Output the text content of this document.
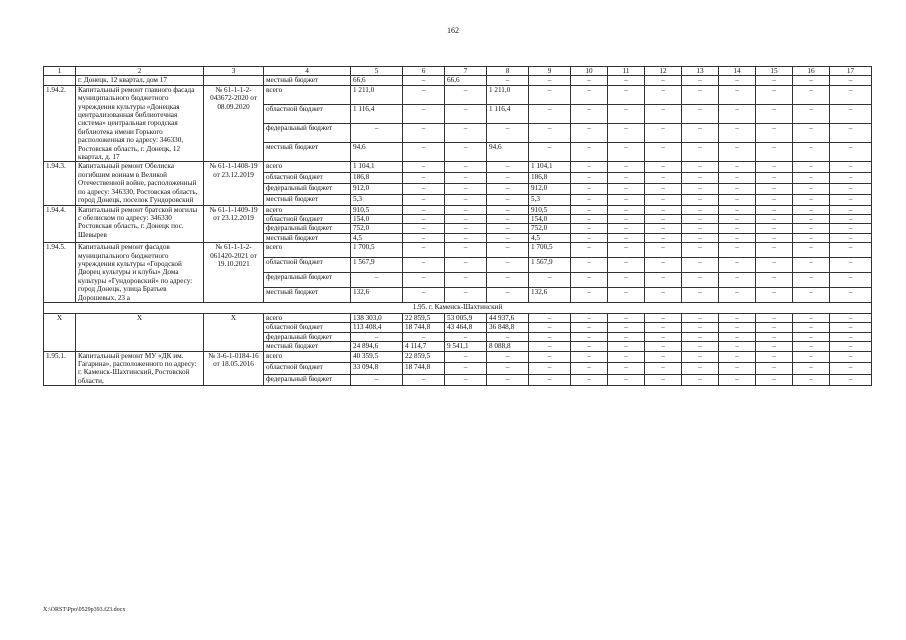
162
1	2	3	4	5	6	7	8	9	10	11	12	13	14	15	16	17
	г. Донецк, 12 квартал, дом 17		местный бюджет	66,6	–	66,6	–	–	–	–	–	–	–	–	–	–
1.94.2.	Капитальный ремонт главного фасада муниципального бюджетного учреждения культуры «Донецкая централизованная библиотечная система» центральная городская библиотека имени Горького расположенная по адресу: 346330, Ростовская область, г. Донецк, 12 квартал, д. 17	№ 61-1-1-2-043672-2020 от 08.09.2020	всего	1 211,0	–	–	1 211,0	–	–	–	–	–	–	–	–	–
			областной бюджет	1 116,4	–	–	1 116,4	–	–	–	–	–	–	–	–	–
			федеральный бюджет	–	–	–	–	–	–	–	–	–	–	–	–	–
			местный бюджет	94,6	–	–	94,6	–	–	–	–	–	–	–	–	–
1.94.3.	Капитальный ремонт Обелиска погибшим воинам в Великой Отечественной войне, расположенный по адресу: 346330, Ростовская область, город Донецк, поселок Гундоровский	№ 61-1-1408-19 от 23.12.2019	всего	1 104,1	–	–	–	1 104,1	–	–	–	–	–	–	–	–
			областной бюджет	186,8	–	–	–	186,8	–	–	–	–	–	–	–	–
			федеральный бюджет	912,0	–	–	–	912,0	–	–	–	–	–	–	–	–
			местный бюджет	5,3	–	–	–	5,3	–	–	–	–	–	–	–	–
1.94.4.	Капитальный ремонт братской могилы с обелиском по адресу: 346330 Ростовская область, г. Донецк пос. Шевырев	№ 61-1-1409-19 от 23.12.2019	всего	910,5	–	–	–	910,5	–	–	–	–	–	–	–	–
			областной бюджет	154,0	–	–	–	154,0	–	–	–	–	–	–	–	–
			федеральный бюджет	752,0	–	–	–	752,0	–	–	–	–	–	–	–	–
			местный бюджет	4,5	–	–	–	4,5	–	–	–	–	–	–	–	–
1.94.5.	Капитальный ремонт фасадов муниципального бюджетного учреждения культуры «Городской Дворец культуры и клубы» Дома культуры «Гундоровский» по адресу: город Донецк, улица Братьев Дорошевых, 23 а	№ 61-1-1-2-061420-2021 от 19.10.2021	всего	1 700,5	–	–	–	1 700,5	–	–	–	–	–	–	–	–
			областной бюджет	1 567,9	–	–	–	1 567,9	–	–	–	–	–	–	–	–
			федеральный бюджет	–	–	–	–	–	–	–	–	–	–	–	–	–
			местный бюджет	132,6	–	–	–	132,6	–	–	–	–	–	–	–	–
1.95. г. Каменск-Шахтинский																
X	X	X	всего	138 303,0	22 859,5	53 005,9	44 937,6	–	–	–	–	–	–	–	–	–
			областной бюджет	113 408,4	18 744,8	43 464,8	36 848,8	–	–	–	–	–	–	–	–	–
			федеральный бюджет	–	–	–	–	–	–	–	–	–	–	–	–	–
			местный бюджет	24 894,6	4 114,7	9 541,1	8 088,8	–	–	–	–	–	–	–	–	–
1.95.1.	Капитальный ремонт МУ «ДК им. Гагарина», расположенного по адресу: г. Каменск-Шахтинский, Ростовской области,	№ 3-6-1-0184-16 от 18.05.2016	всего	40 359,5	22 859,5	–	–	–	–	–	–	–	–	–	–	–
			областной бюджет	33 094,8	18 744,8	–	–	–	–	–	–	–	–	–	–	–
			федеральный бюджет	–	–	–	–	–	–	–	–	–	–	–	–	–
X:\ORST\Ppo\0529p393.f23.docx
